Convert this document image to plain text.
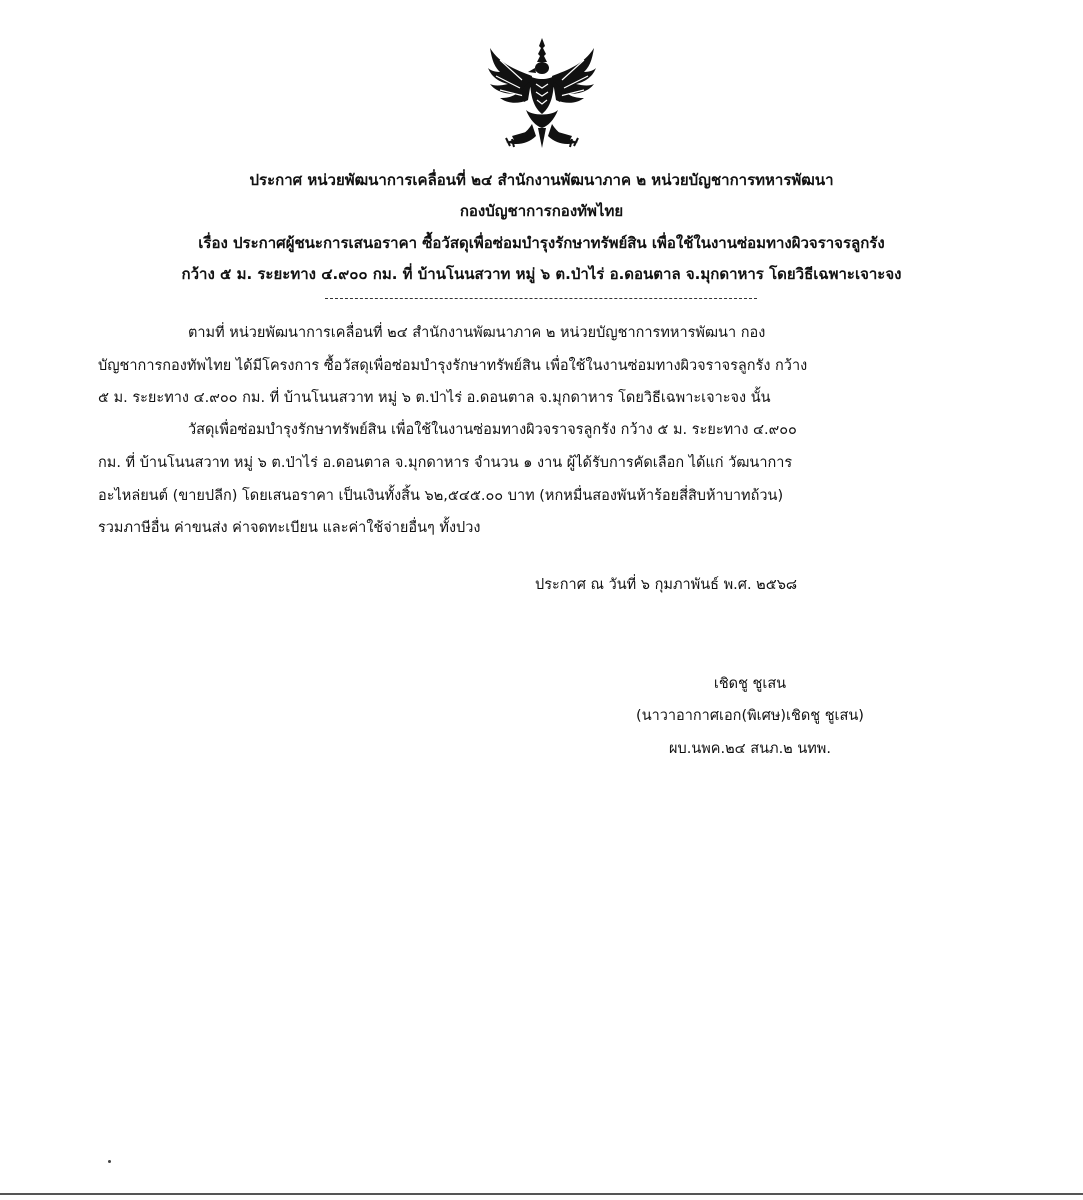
ประกาศ หน่วยพัฒนาการเคลื่อนที่ ๒๔ สำนักงานพัฒนาภาค ๒ หน่วยบัญชาการทหารพัฒนา
กองบัญชาการกองทัพไทย
เรื่อง ประกาศผู้ชนะการเสนอราคา ซื้อวัสดุเพื่อซ่อมบำรุงรักษาทรัพย์สิน เพื่อใช้ในงานซ่อมทางผิวจราจรลูกรัง
กว้าง ๕ ม. ระยะทาง ๔.๙๐๐ กม. ที่ บ้านโนนสวาท หมู่ ๖ ต.ป่าไร่ อ.ดอนตาล จ.มุกดาหาร โดยวิธีเฉพาะเจาะจง
ตามที่ หน่วยพัฒนาการเคลื่อนที่ ๒๔ สำนักงานพัฒนาภาค ๒ หน่วยบัญชาการทหารพัฒนา กอง
บัญชาการกองทัพไทย ได้มีโครงการ ซื้อวัสดุเพื่อซ่อมบำรุงรักษาทรัพย์สิน เพื่อใช้ในงานซ่อมทางผิวจราจรลูกรัง กว้าง
๕ ม. ระยะทาง ๔.๙๐๐ กม. ที่ บ้านโนนสวาท หมู่ ๖ ต.ป่าไร่ อ.ดอนตาล จ.มุกดาหาร โดยวิธีเฉพาะเจาะจง นั้น
วัสดุเพื่อซ่อมบำรุงรักษาทรัพย์สิน เพื่อใช้ในงานซ่อมทางผิวจราจรลูกรัง กว้าง ๕ ม. ระยะทาง ๔.๙๐๐
กม. ที่ บ้านโนนสวาท หมู่ ๖ ต.ป่าไร่ อ.ดอนตาล จ.มุกดาหาร จำนวน ๑ งาน ผู้ได้รับการคัดเลือก ได้แก่ วัฒนาการ
อะไหล่ยนต์ (ขายปลีก) โดยเสนอราคา เป็นเงินทั้งสิ้น ๖๒,๕๔๕.๐๐ บาท (หกหมื่นสองพันห้าร้อยสี่สิบห้าบาทถ้วน)
รวมภาษีอื่น ค่าขนส่ง ค่าจดทะเบียน และค่าใช้จ่ายอื่นๆ ทั้งปวง
ประกาศ ณ วันที่ ๖ กุมภาพันธ์ พ.ศ. ๒๕๖๘
เชิดชู ชูเสน
(นาวาอากาศเอก(พิเศษ)เชิดชู ชูเสน)
ผบ.นพค.๒๔ สนภ.๒ นทพ.
